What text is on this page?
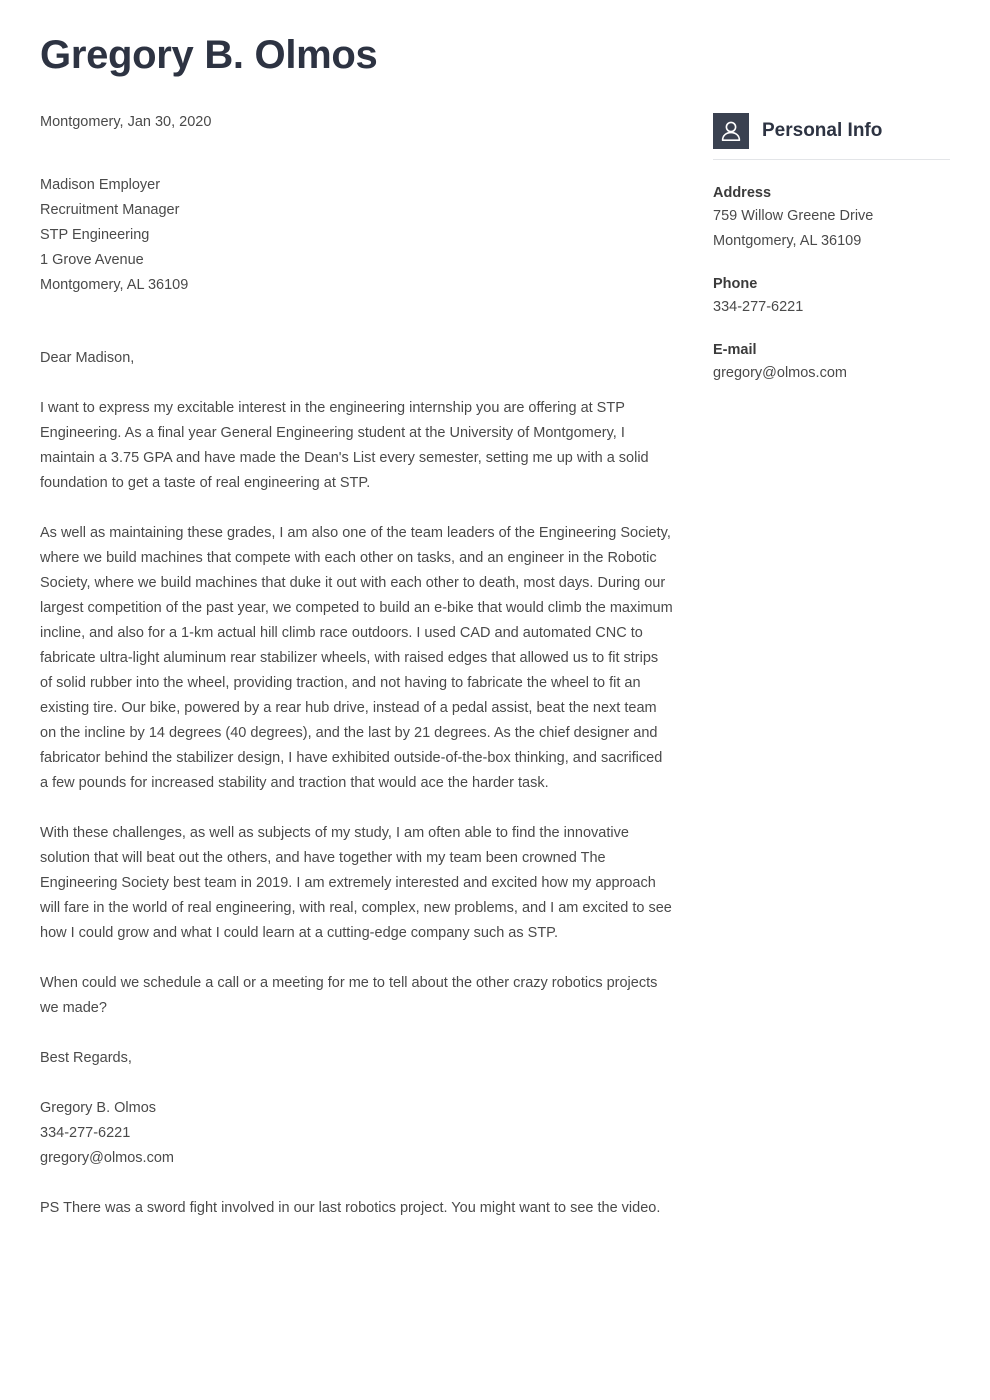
Gregory B. Olmos
Montgomery, Jan 30, 2020
Madison Employer
Recruitment Manager
STP Engineering
1 Grove Avenue
Montgomery, AL 36109
Dear Madison,

I want to express my excitable interest in the engineering internship you are offering at STP Engineering. As a final year General Engineering student at the University of Montgomery, I maintain a 3.75 GPA and have made the Dean's List every semester, setting me up with a solid foundation to get a taste of real engineering at STP.

As well as maintaining these grades, I am also one of the team leaders of the Engineering Society, where we build machines that compete with each other on tasks, and an engineer in the Robotic Society, where we build machines that duke it out with each other to death, most days. During our largest competition of the past year, we competed to build an e-bike that would climb the maximum incline, and also for a 1-km actual hill climb race outdoors. I used CAD and automated CNC to fabricate ultra-light aluminum rear stabilizer wheels, with raised edges that allowed us to fit strips of solid rubber into the wheel, providing traction, and not having to fabricate the wheel to fit an existing tire. Our bike, powered by a rear hub drive, instead of a pedal assist, beat the next team on the incline by 14 degrees (40 degrees), and the last by 21 degrees. As the chief designer and fabricator behind the stabilizer design, I have exhibited outside-of-the-box thinking, and sacrificed a few pounds for increased stability and traction that would ace the harder task.

With these challenges, as well as subjects of my study, I am often able to find the innovative solution that will beat out the others, and have together with my team been crowned The Engineering Society best team in 2019. I am extremely interested and excited how my approach will fare in the world of real engineering, with real, complex, new problems, and I am excited to see how I could grow and what I could learn at a cutting-edge company such as STP.

When could we schedule a call or a meeting for me to tell about the other crazy robotics projects we made?

Best Regards,
Gregory B. Olmos
334-277-6221
gregory@olmos.com

PS There was a sword fight involved in our last robotics project. You might want to see the video.

Personal Info
Address
759 Willow Greene Drive
Montgomery, AL 36109
Phone
334-277-6221
E-mail
gregory@olmos.com
